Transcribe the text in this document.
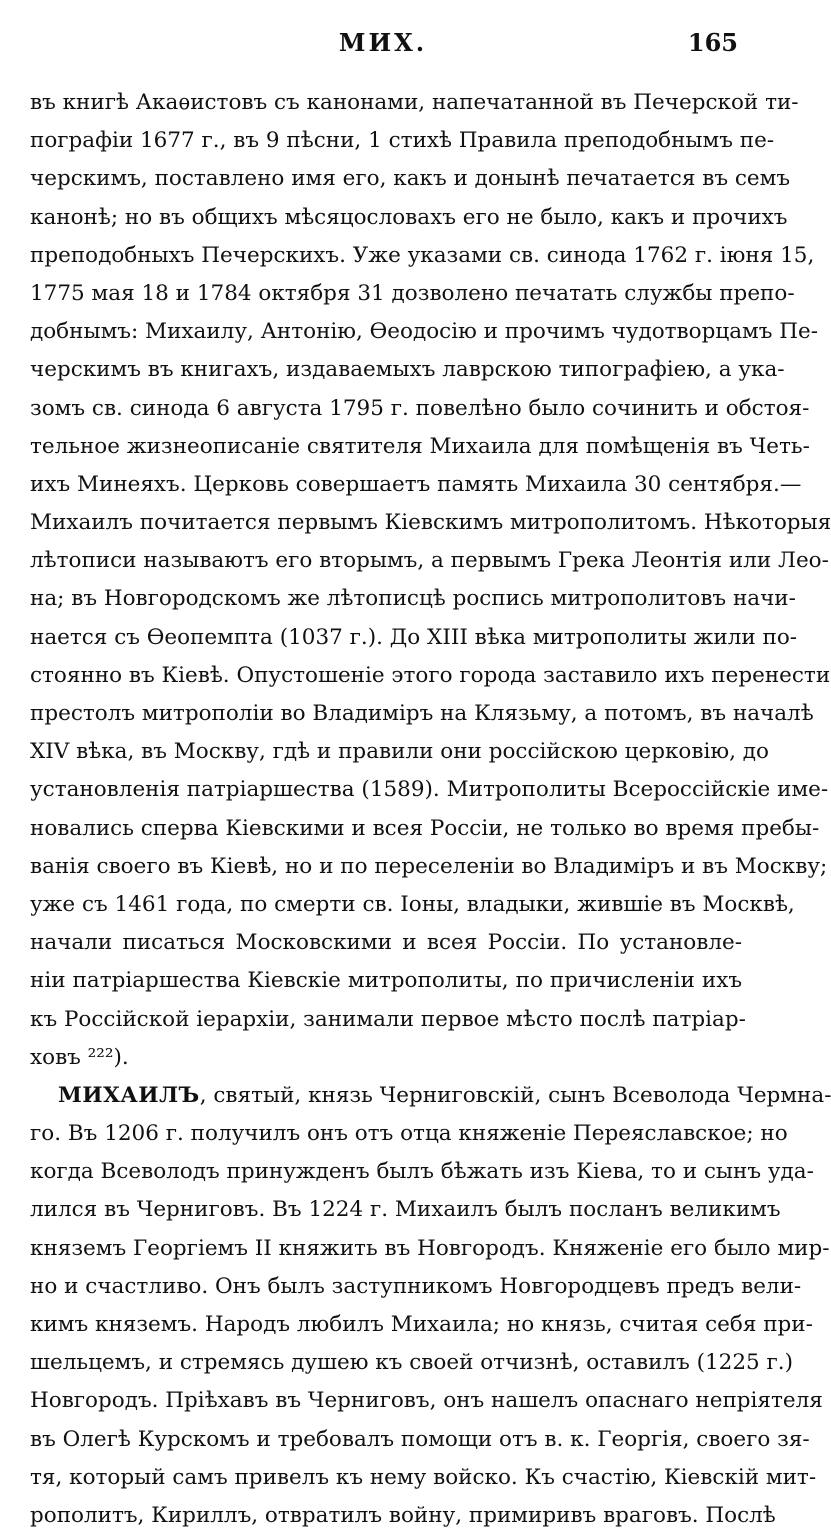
МИХ.	165
въ книгѣ Акаѳистовъ съ канонами, напечатанной въ Печерской ти-
пографіи 1677 г., въ 9 пѣсни, 1 стихѣ Правила преподобнымъ пе-
черскимъ, поставлено имя его, какъ и донынѣ печатается въ семъ
канонѣ; но въ общихъ мѣсяцословахъ его не было, какъ и прочихъ
преподобныхъ Печерскихъ. Уже указами св. синода 1762 г. іюня 15,
1775 мая 18 и 1784 октября 31 дозволено печатать службы препо-
добнымъ: Михаилу, Антонію, Ѳеодосію и прочимъ чудотворцамъ Пе-
черскимъ въ книгахъ, издаваемыхъ лаврскою типографіею, а ука-
зомъ св. синода 6 августа 1795 г. повелѣно было сочинить и обстоя-
тельное жизнеописаніе святителя Михаила для помѣщенія въ Четь-
ихъ Минеяхъ. Церковь совершаетъ память Михаила 30 сентября.—
Михаилъ почитается первымъ Кіевскимъ митрополитомъ. Нѣкоторыя
лѣтописи называютъ его вторымъ, а первымъ Грека Леонтія или Лео-
на; въ Новгородскомъ же лѣтописцѣ роспись митрополитовъ начи-
нается съ Ѳеопемпта (1037 г.). До XIII вѣка митрополиты жили по-
стоянно въ Кіевѣ. Опустошеніе этого города заставило ихъ перенести
престолъ митрополіи во Владиміръ на Клязьму, а потомъ, въ началѣ
XIV вѣка, въ Москву, гдѣ и правили они россійскою церковію, до
установленія патріаршества (1589). Митрополиты Всероссійскіе име-
новались сперва Кіевскими и всея Россіи, не только во время пребы-
ванія своего въ Кіевѣ, но и по переселеніи во Владиміръ и въ Москву;
уже съ 1461 года, по смерти св. Іоны, владыки, жившіе въ Москвѣ,
начали писаться Московскими и всея Россіи. По установле-
ніи патріаршества Кіевскіе митрополиты, по причисленіи ихъ
къ Россійской іерархіи, занимали первое мѣсто послѣ патріар-
ховъ ²²²).
МИХАИЛЪ, святый, князь Черниговскій, сынъ Всеволода Чермна-
го. Въ 1206 г. получилъ онъ отъ отца княженіе Переяславское; но
когда Всеволодъ принужденъ былъ бѣжать изъ Кіева, то и сынъ уда-
лился въ Черниговъ. Въ 1224 г. Михаилъ былъ посланъ великимъ
княземъ Георгіемъ II княжить въ Новгородъ. Княженіе его было мир-
но и счастливо. Онъ былъ заступникомъ Новгородцевъ предъ вели-
кимъ княземъ. Народъ любилъ Михаила; но князь, считая себя при-
шельцемъ, и стремясь душею къ своей отчизнѣ, оставилъ (1225 г.)
Новгородъ. Пріѣхавъ въ Черниговъ, онъ нашелъ опаснаго непріятеля
въ Олегѣ Курскомъ и требовалъ помощи отъ в. к. Георгія, своего зя-
тя, который самъ привелъ къ нему войско. Къ счастію, Кіевскій мит-
рополитъ, Кириллъ, отвратилъ войну, примиривъ враговъ. Послѣ
